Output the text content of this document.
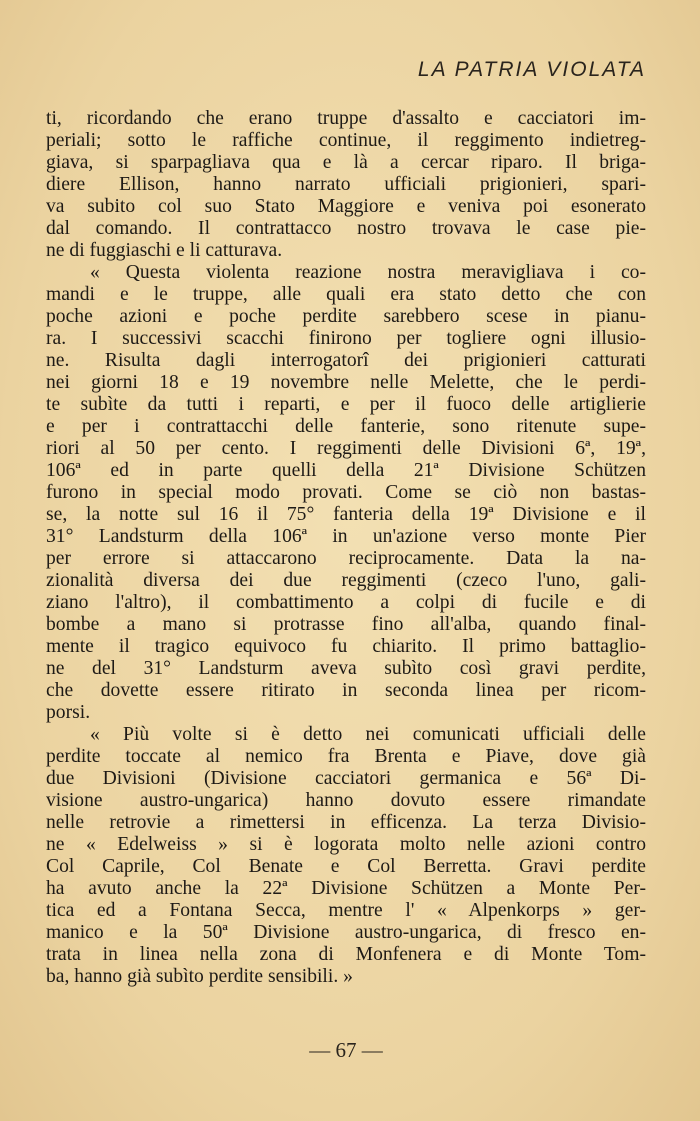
LA PATRIA VIOLATA
ti, ricordando che erano truppe d'assalto e cacciatori im-
periali; sotto le raffiche continue, il reggimento indietreg-
giava, si sparpagliava qua e là a cercar riparo. Il briga-
diere Ellison, hanno narrato ufficiali prigionieri, spari-
va subito col suo Stato Maggiore e veniva poi esonerato
dal comando. Il contrattacco nostro trovava le case pie-
ne di fuggiaschi e li catturava.
« Questa violenta reazione nostra meravigliava i co-
mandi e le truppe, alle quali era stato detto che con
poche azioni e poche perdite sarebbero scese in pianu-
ra. I successivi scacchi finirono per togliere ogni illusio-
ne. Risulta dagli interrogatorî dei prigionieri catturati
nei giorni 18 e 19 novembre nelle Melette, che le perdi-
te subìte da tutti i reparti, e per il fuoco delle artiglierie
e per i contrattacchi delle fanterie, sono ritenute supe-
riori al 50 per cento. I reggimenti delle Divisioni 6ª, 19ª,
106ª ed in parte quelli della 21ª Divisione Schützen
furono in special modo provati. Come se ciò non bastas-
se, la notte sul 16 il 75° fanteria della 19ª Divisione e il
31° Landsturm della 106ª in un'azione verso monte Pier
per errore si attaccarono reciprocamente. Data la na-
zionalità diversa dei due reggimenti (czeco l'uno, gali-
ziano l'altro), il combattimento a colpi di fucile e di
bombe a mano si protrasse fino all'alba, quando final-
mente il tragico equivoco fu chiarito. Il primo battaglio-
ne del 31° Landsturm aveva subìto così gravi perdite,
che dovette essere ritirato in seconda linea per ricom-
porsi.
« Più volte si è detto nei comunicati ufficiali delle
perdite toccate al nemico fra Brenta e Piave, dove già
due Divisioni (Divisione cacciatori germanica e 56ª Di-
visione austro-ungarica) hanno dovuto essere rimandate
nelle retrovie a rimettersi in efficenza. La terza Divisio-
ne « Edelweiss » si è logorata molto nelle azioni contro
Col Caprile, Col Benate e Col Berretta. Gravi perdite
ha avuto anche la 22ª Divisione Schützen a Monte Per-
tica ed a Fontana Secca, mentre l' « Alpenkorps » ger-
manico e la 50ª Divisione austro-ungarica, di fresco en-
trata in linea nella zona di Monfenera e di Monte Tom-
ba, hanno già subìto perdite sensibili. »
— 67 —
